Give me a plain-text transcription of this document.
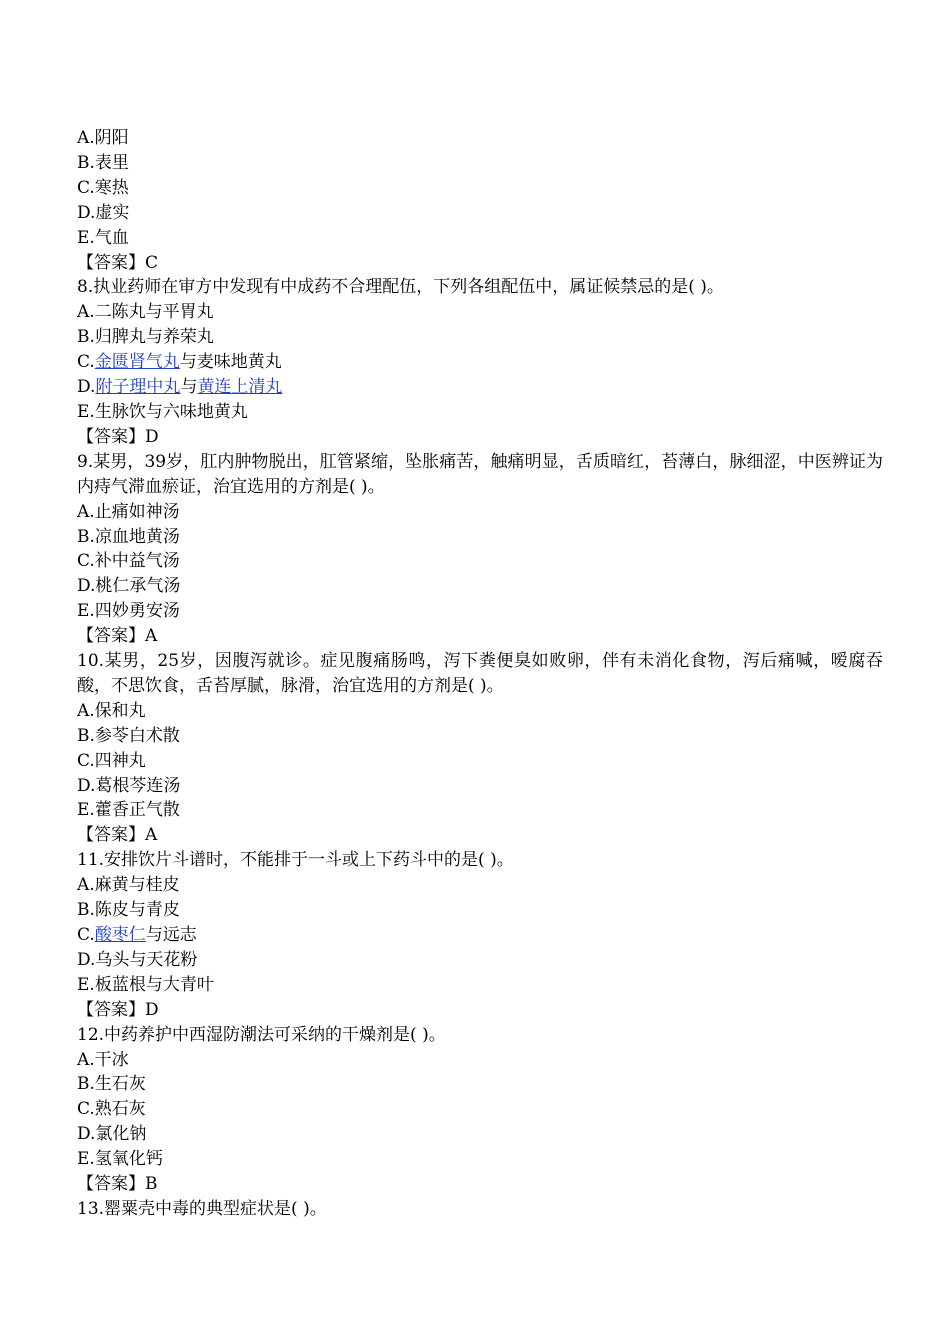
A.阴阳

B.表里

C.寒热

D.虚实

E.气血

【答案】C

8.执业药师在审方中发现有中成药不合理配伍，下列各组配伍中，属证候禁忌的是( )。

A.二陈丸与平胃丸

B.归脾丸与养荣丸

C.金匮肾气丸与麦味地黄丸

D.附子理中丸与黄连上清丸

E.生脉饮与六味地黄丸

【答案】D

9.某男，39岁，肛内肿物脱出，肛管紧缩，坠胀痛苦，触痛明显，舌质暗红，苔薄白，脉细涩，中医辨证为内痔气滞血瘀证，治宜选用的方剂是( )。

A.止痛如神汤

B.凉血地黄汤

C.补中益气汤

D.桃仁承气汤

E.四妙勇安汤

【答案】A

10.某男，25岁，因腹泻就诊。症见腹痛肠鸣，泻下粪便臭如败卵，伴有未消化食物，泻后痛喊，嗳腐吞酸，不思饮食，舌苔厚腻，脉滑，治宜选用的方剂是( )。

A.保和丸

B.参苓白术散

C.四神丸

D.葛根芩连汤

E.藿香正气散

【答案】A

11.安排饮片斗谱时，不能排于一斗或上下药斗中的是( )。

A.麻黄与桂皮

B.陈皮与青皮

C.酸枣仁与远志

D.乌头与天花粉

E.板蓝根与大青叶

【答案】D

12.中药养护中西湿防潮法可采纳的干燥剂是( )。

A.干冰

B.生石灰

C.熟石灰

D.氯化钠

E.氢氧化钙

【答案】B

13.罂粟壳中毒的典型症状是( )。
